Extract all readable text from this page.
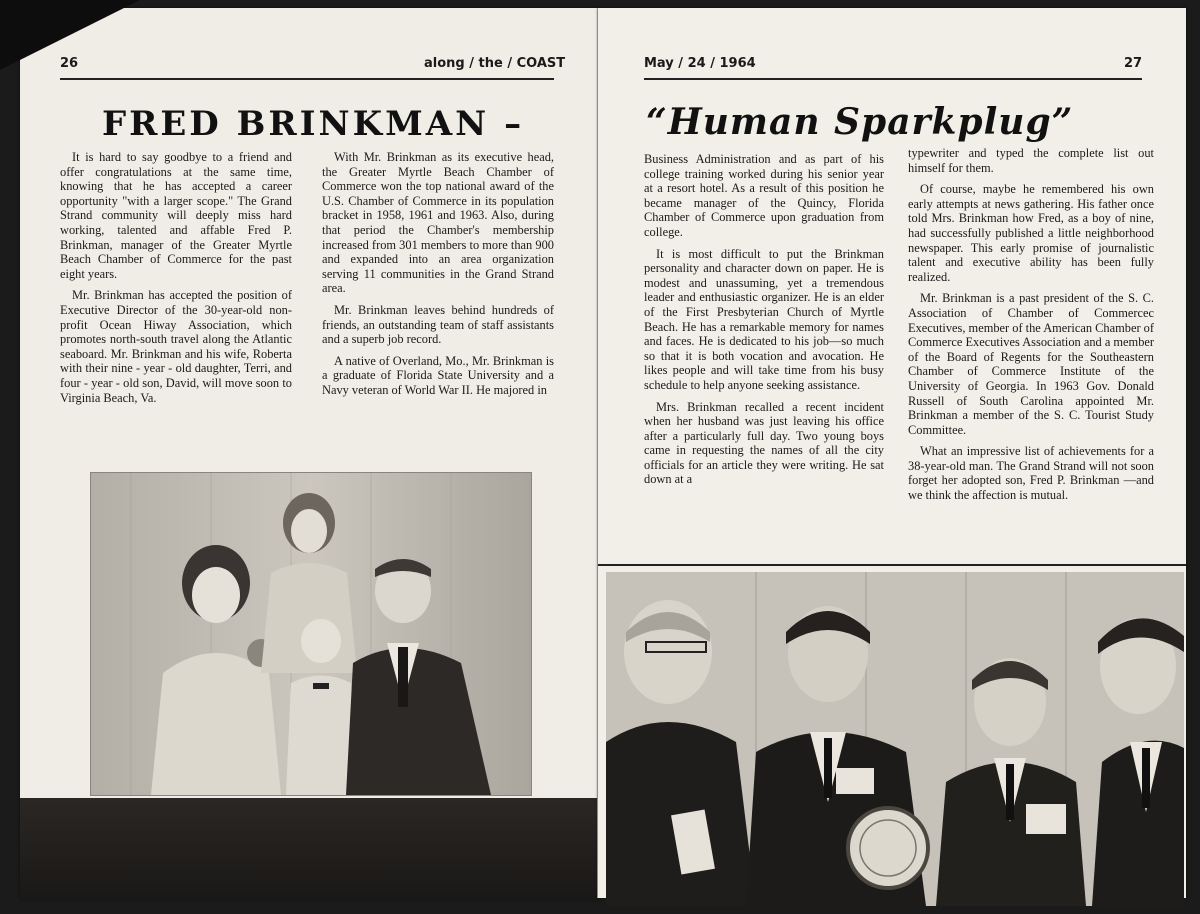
26	along / the / COAST
FRED BRINKMAN –

It is hard to say goodbye to a friend and offer congratulations at the same time, knowing that he has accepted a career opportunity "with a larger scope." The Grand Strand community will deeply miss hard working, talented and affable Fred P. Brinkman, manager of the Greater Myrtle Beach Chamber of Commerce for the past eight years.

Mr. Brinkman has accepted the position of Executive Director of the 30-year-old non-profit Ocean Hiway Association, which promotes north-south travel along the Atlantic seaboard. Mr. Brinkman and his wife, Roberta with their nine - year - old daughter, Terri, and four - year - old son, David, will move soon to Virginia Beach, Va.

With Mr. Brinkman as its executive head, the Greater Myrtle Beach Chamber of Commerce won the top national award of the U.S. Chamber of Commerce in its population bracket in 1958, 1961 and 1963. Also, during that period the Chamber's membership increased from 301 members to more than 900 and expanded into an area organization serving 11 communities in the Grand Strand area.

Mr. Brinkman leaves behind hundreds of friends, an outstanding team of staff assistants and a superb job record.

A native of Overland, Mo., Mr. Brinkman is a graduate of Florida State University and a Navy veteran of World War II. He majored in

May / 24 / 1964	27
“Human Sparkplug”

Business Administration and as part of his college training worked during his senior year at a resort hotel. As a result of this position he became manager of the Quincy, Florida Chamber of Commerce upon graduation from college.

It is most difficult to put the Brinkman personality and character down on paper. He is modest and unassuming, yet a tremendous leader and enthusiastic organizer. He is an elder of the First Presbyterian Church of Myrtle Beach. He has a remarkable memory for names and faces. He is dedicated to his job—so much so that it is both vocation and avocation. He likes people and will take time from his busy schedule to help anyone seeking assistance.

Mrs. Brinkman recalled a recent incident when her husband was just leaving his office after a particularly full day. Two young boys came in requesting the names of all the city officials for an article they were writing. He sat down at a

typewriter and typed the complete list out himself for them.

Of course, maybe he remembered his own early attempts at news gathering. His father once told Mrs. Brinkman how Fred, as a boy of nine, had successfully published a little neighborhood newspaper. This early promise of journalistic talent and executive ability has been fully realized.

Mr. Brinkman is a past president of the S. C. Association of Chamber of Commercec Executives, member of the American Chamber of Commerce Executives Association and a member of the Board of Regents for the Southeastern Chamber of Commerce Institute of the University of Georgia. In 1963 Gov. Donald Russell of South Carolina appointed Mr. Brinkman a member of the S. C. Tourist Study Committee.

What an impressive list of achievements for a 38-year-old man. The Grand Strand will not soon forget her adopted son, Fred P. Brinkman —and we think the affection is mutual.
